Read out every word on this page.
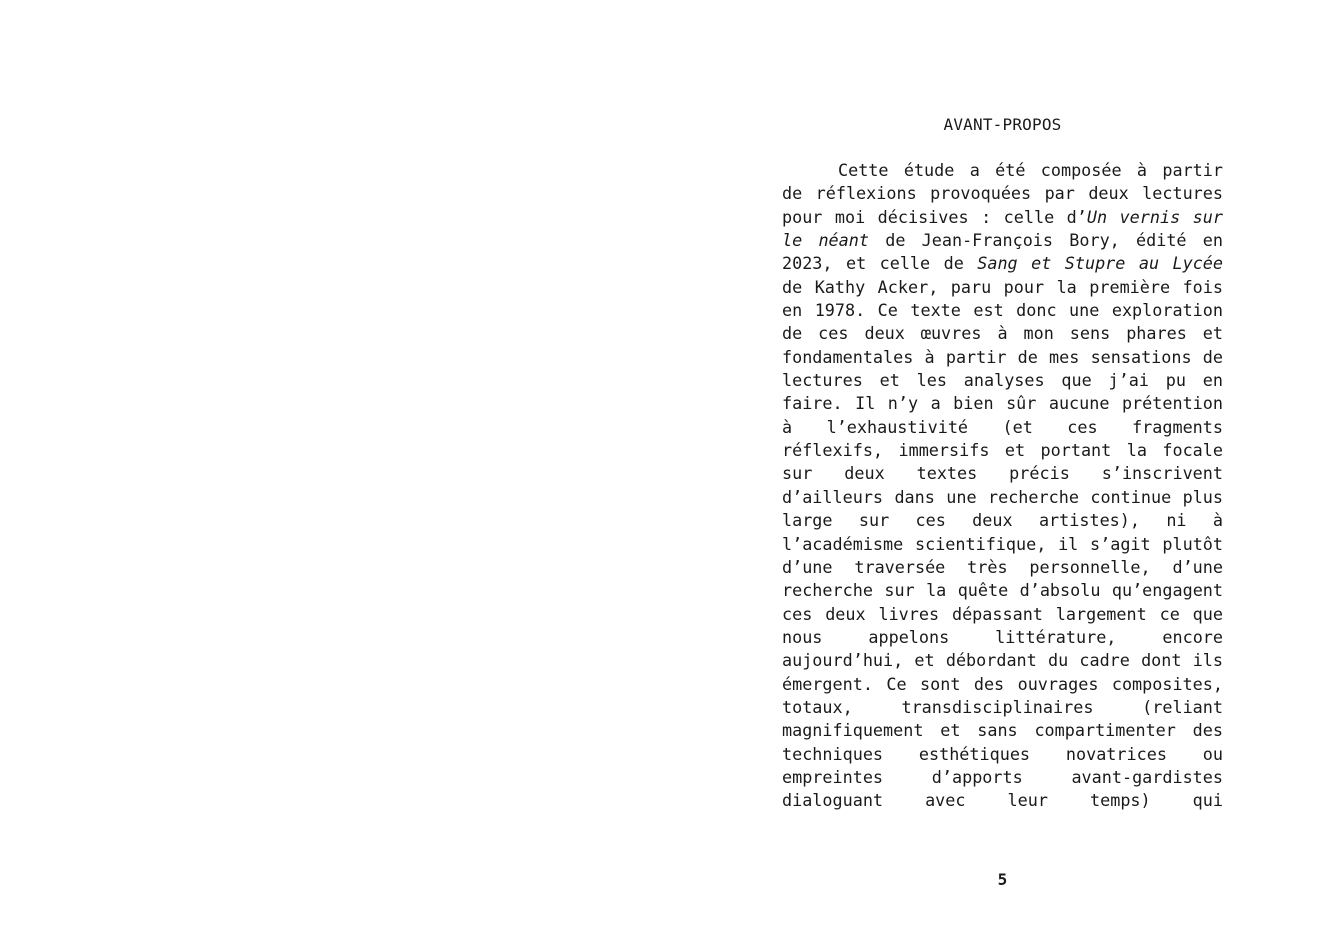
AVANT-PROPOS
Cette étude a été composée à partir
de réflexions provoquées par deux lectures
pour moi décisives : celle d’Un vernis sur
le néant de Jean-François Bory, édité en
2023, et celle de Sang et Stupre au Lycée
de Kathy Acker, paru pour la première fois
en 1978. Ce texte est donc une exploration
de ces deux œuvres à mon sens phares et
fondamentales à partir de mes sensations de
lectures et les analyses que j’ai pu en
faire. Il n’y a bien sûr aucune prétention
à l’exhaustivité (et ces fragments
réflexifs, immersifs et portant la focale
sur deux textes précis s’inscrivent
d’ailleurs dans une recherche continue plus
large sur ces deux artistes), ni à
l’académisme scientifique, il s’agit plutôt
d’une traversée très personnelle, d’une
recherche sur la quête d’absolu qu’engagent
ces deux livres dépassant largement ce que
nous appelons littérature, encore
aujourd’hui, et débordant du cadre dont ils
émergent. Ce sont des ouvrages composites,
totaux, transdisciplinaires (reliant
magnifiquement et sans compartimenter des
techniques esthétiques novatrices ou
empreintes d’apports avant-gardistes
dialoguant avec leur temps) qui
5
